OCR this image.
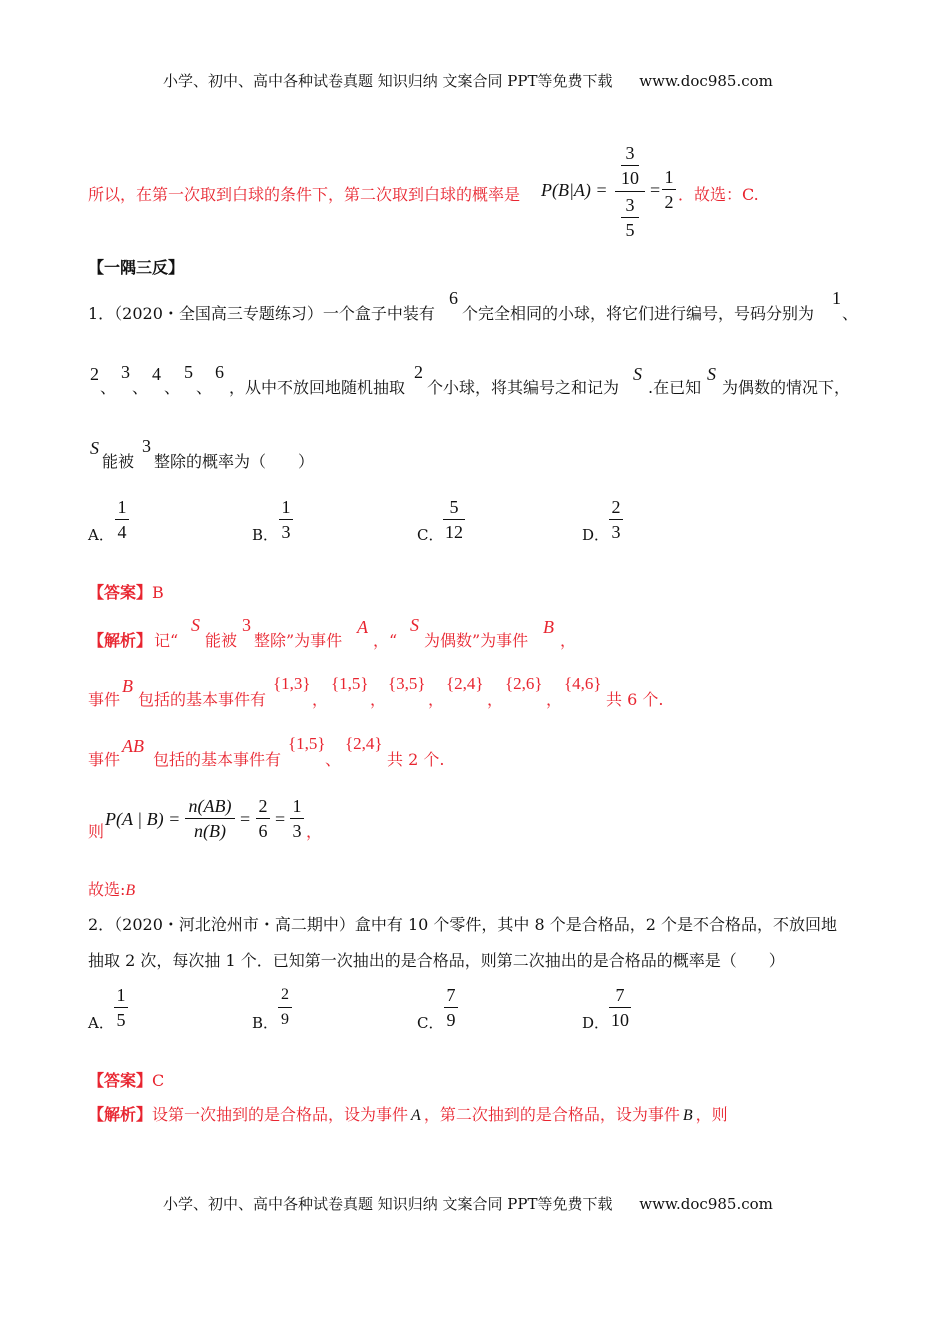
小学、初中、高中各种试卷真题 知识归纳 文案合同 PPT等免费下载 www.doc985.com
所以，在第一次取到白球的条件下，第二次取到白球的概率是 P(B|A) =
3
10
3
5
=
1
2 ．故选：C.
【一隅三反】
1．（2020・全国高三专题练习）一个盒子中装有
6
个完全相同的小球，将它们进行编号，号码分别为
1
、
2
、
3
、
4
、
5
、
6
，从中不放回地随机抽取
2
个小球，将其编号之和记为
S
.在已知
S
为偶数的情况下，
S
能被
3
整除的概率为（　　）
A．
1
4	B．
1
3	C．
5
12	D．
2
3
【答案】B
【解析】 记“
S
能被
3
整除”为事件
A
，“
S
为偶数”为事件
B
，
事件
B
包括的基本事件有
{1,3}
，
{1,5}
，
{3,5}
，
{2,4}
，
{2,6}
，
{4,6}
共 6 个.
事件
AB
包括的基本事件有
{1,5}
、
{2,4}
共 2 个.
则
P(A | B) =
n(AB)
n(B)
=
2
6
=
1
3 ，
故选:B
2．（2020・河北沧州市・高二期中）盒中有 10 个零件，其中 8 个是合格品，2 个是不合格品，不放回地
抽取 2 次，每次抽 1 个．已知第一次抽出的是合格品，则第二次抽出的是合格品的概率是（　　）
A．
1
5	B．
2
9	C．
7
9	D．
7
10
【答案】C
【解析】设第一次抽到的是合格品，设为事件 A ，第二次抽到的是合格品，设为事件 B ，则
小学、初中、高中各种试卷真题 知识归纳 文案合同 PPT等免费下载 www.doc985.com
